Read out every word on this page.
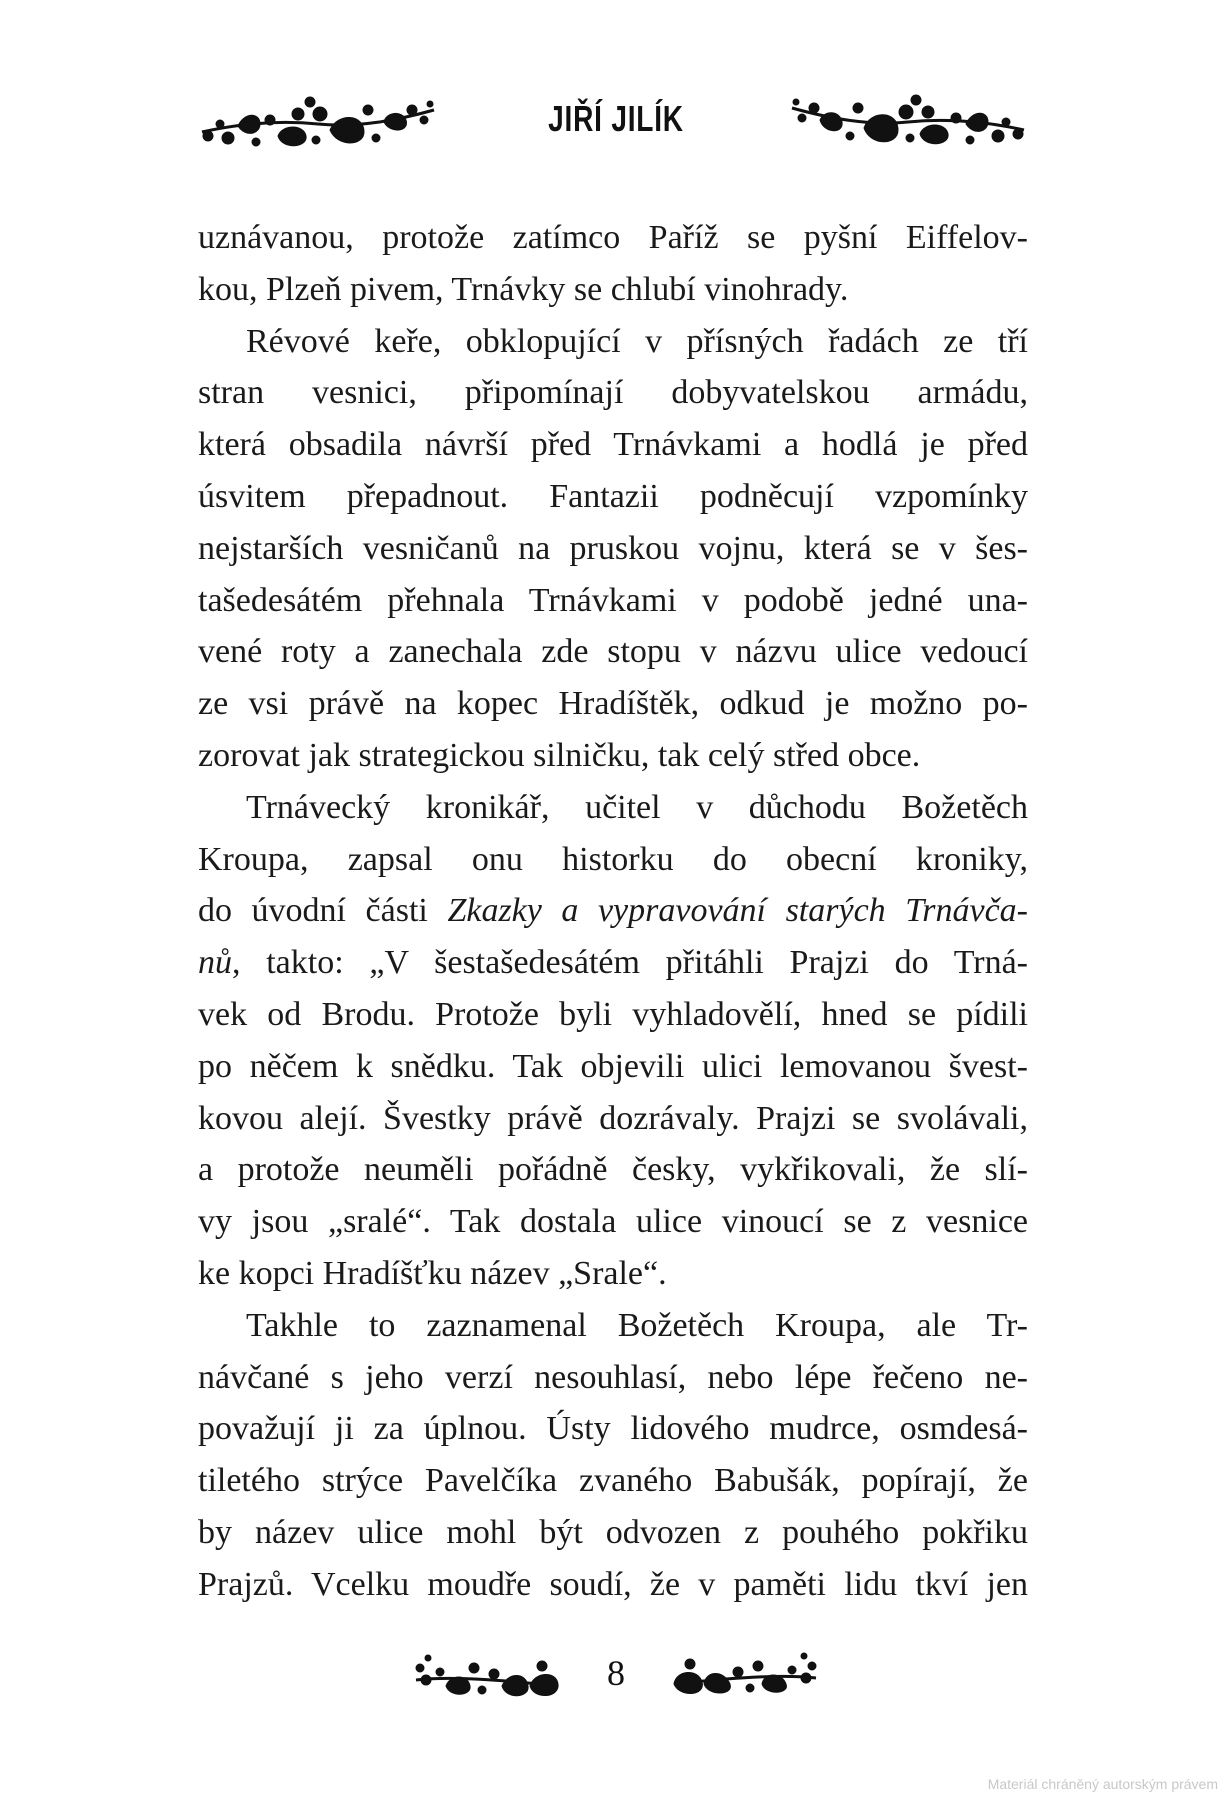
JIŘÍ JILÍK

uznávanou, protože zatímco Paříž se pyšní Eiffelov-
kou, Plzeň pivem, Trnávky se chlubí vinohrady.

Révové keře, obklopující v přísných řadách ze tří
stran vesnici, připomínají dobyvatelskou armádu,
která obsadila návrší před Trnávkami a hodlá je před
úsvitem přepadnout. Fantazii podněcují vzpomínky
nejstarších vesničanů na pruskou vojnu, která se v šes-
tašedesátém přehnala Trnávkami v podobě jedné una-
vené roty a zanechala zde stopu v názvu ulice vedoucí
ze vsi právě na kopec Hradíštěk, odkud je možno po-
zorovat jak strategickou silničku, tak celý střed obce.

Trnávecký kronikář, učitel v důchodu Božetěch
Kroupa, zapsal onu historku do obecní kroniky,
do úvodní části Zkazky a vypravování starých Trnávča-
nů, takto: „V šestašedesátém přitáhli Prajzi do Trná-
vek od Brodu. Protože byli vyhladovělí, hned se pídili
po něčem k snědku. Tak objevili ulici lemovanou švest-
kovou alejí. Švestky právě dozrávaly. Prajzi se svolávali,
a protože neuměli pořádně česky, vykřikovali, že slí-
vy jsou „sralé“. Tak dostala ulice vinoucí se z vesnice
ke kopci Hradíšťku název „Srale“.

Takhle to zaznamenal Božetěch Kroupa, ale Tr-
návčané s jeho verzí nesouhlasí, nebo lépe řečeno ne-
považují ji za úplnou. Ústy lidového mudrce, osmdesá-
tiletého strýce Pavelčíka zvaného Babušák, popírají, že
by název ulice mohl být odvozen z pouhého pokřiku
Prajzů. Vcelku moudře soudí, že v paměti lidu tkví jen

8
Materiál chráněný autorským právem
